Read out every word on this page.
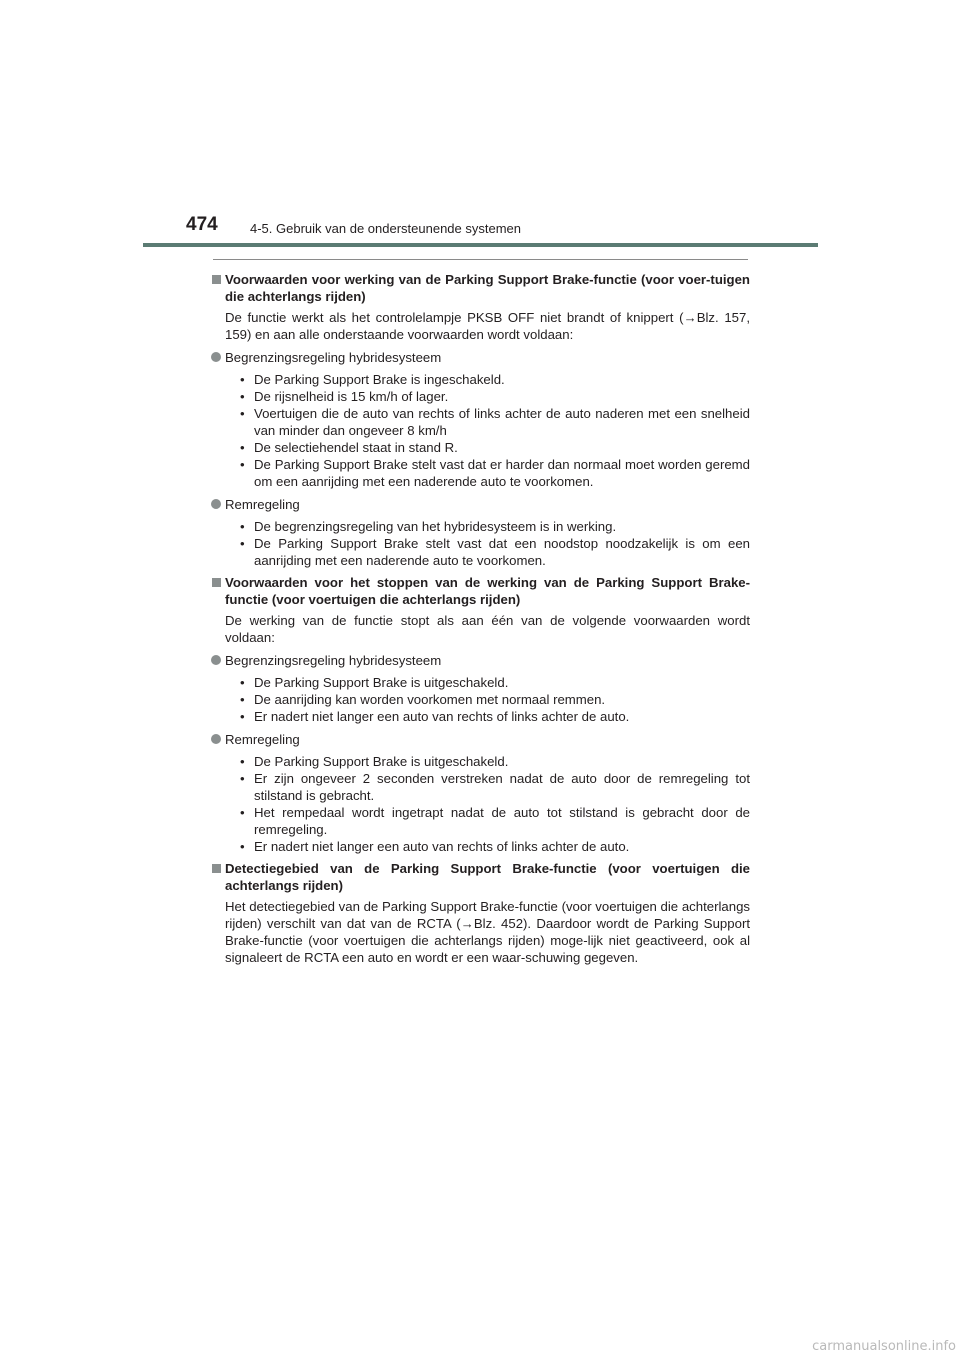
474 4-5. Gebruik van de ondersteunende systemen
Voorwaarden voor werking van de Parking Support Brake-functie (voor voer-tuigen die achterlangs rijden)
De functie werkt als het controlelampje PKSB OFF niet brandt of knippert (→Blz. 157, 159) en aan alle onderstaande voorwaarden wordt voldaan:
Begrenzingsregeling hybridesysteem
• De Parking Support Brake is ingeschakeld.
• De rijsnelheid is 15 km/h of lager.
• Voertuigen die de auto van rechts of links achter de auto naderen met een snelheid van minder dan ongeveer 8 km/h
• De selectiehendel staat in stand R.
• De Parking Support Brake stelt vast dat er harder dan normaal moet worden geremd om een aanrijding met een naderende auto te voorkomen.
Remregeling
• De begrenzingsregeling van het hybridesysteem is in werking.
• De Parking Support Brake stelt vast dat een noodstop noodzakelijk is om een aanrijding met een naderende auto te voorkomen.
Voorwaarden voor het stoppen van de werking van de Parking Support Brake-functie (voor voertuigen die achterlangs rijden)
De werking van de functie stopt als aan één van de volgende voorwaarden wordt voldaan:
Begrenzingsregeling hybridesysteem
• De Parking Support Brake is uitgeschakeld.
• De aanrijding kan worden voorkomen met normaal remmen.
• Er nadert niet langer een auto van rechts of links achter de auto.
Remregeling
• De Parking Support Brake is uitgeschakeld.
• Er zijn ongeveer 2 seconden verstreken nadat de auto door de remregeling tot stilstand is gebracht.
• Het rempedaal wordt ingetrapt nadat de auto tot stilstand is gebracht door de remregeling.
• Er nadert niet langer een auto van rechts of links achter de auto.
Detectiegebied van de Parking Support Brake-functie (voor voertuigen die achterlangs rijden)
Het detectiegebied van de Parking Support Brake-functie (voor voertuigen die achterlangs rijden) verschilt van dat van de RCTA (→Blz. 452). Daardoor wordt de Parking Support Brake-functie (voor voertuigen die achterlangs rijden) moge-lijk niet geactiveerd, ook al signaleert de RCTA een auto en wordt er een waar-schuwing gegeven.
carmanualsonline.info
